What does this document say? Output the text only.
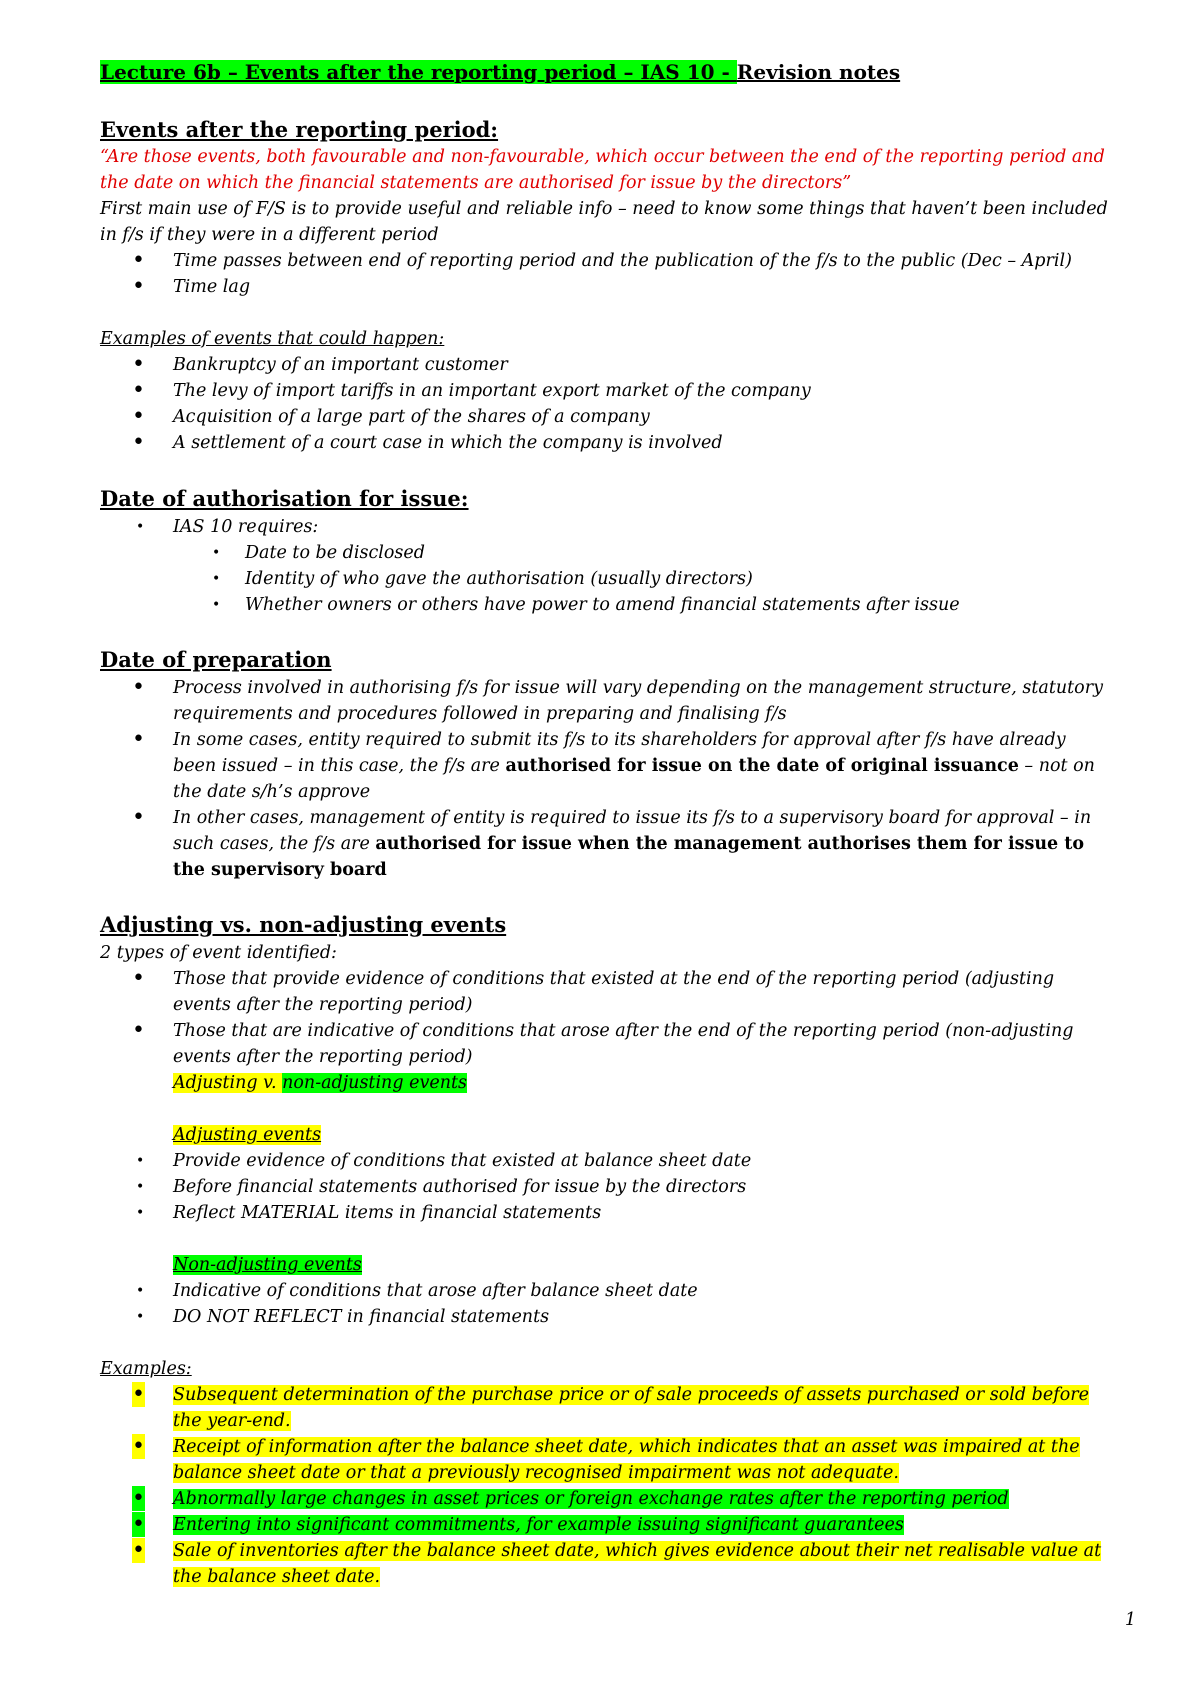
Lecture 6b – Events after the reporting period – IAS 10 - Revision notes
Events after the reporting period:
“Are those events, both favourable and non-favourable, which occur between the end of the reporting period and
the date on which the financial statements are authorised for issue by the directors”
First main use of F/S is to provide useful and reliable info – need to know some things that haven’t been included
in f/s if they were in a different period
• Time passes between end of reporting period and the publication of the f/s to the public (Dec – April)
• Time lag
Examples of events that could happen:
• Bankruptcy of an important customer
• The levy of import tariffs in an important export market of the company
• Acquisition of a large part of the shares of a company
• A settlement of a court case in which the company is involved
Date of authorisation for issue:
• IAS 10 requires:
• Date to be disclosed
• Identity of who gave the authorisation (usually directors)
• Whether owners or others have power to amend financial statements after issue
Date of preparation
• Process involved in authorising f/s for issue will vary depending on the management structure, statutory
requirements and procedures followed in preparing and finalising f/s
• In some cases, entity required to submit its f/s to its shareholders for approval after f/s have already
been issued – in this case, the f/s are authorised for issue on the date of original issuance – not on
the date s/h’s approve
• In other cases, management of entity is required to issue its f/s to a supervisory board for approval – in
such cases, the f/s are authorised for issue when the management authorises them for issue to
the supervisory board
Adjusting vs. non-adjusting events
2 types of event identified:
• Those that provide evidence of conditions that existed at the end of the reporting period (adjusting
events after the reporting period)
• Those that are indicative of conditions that arose after the end of the reporting period (non-adjusting
events after the reporting period)
Adjusting v. non-adjusting events
Adjusting events
• Provide evidence of conditions that existed at balance sheet date
• Before financial statements authorised for issue by the directors
• Reflect MATERIAL items in financial statements
Non-adjusting events
• Indicative of conditions that arose after balance sheet date
• DO NOT REFLECT in financial statements
Examples:
• Subsequent determination of the purchase price or of sale proceeds of assets purchased or sold before
the year-end.
• Receipt of information after the balance sheet date, which indicates that an asset was impaired at the
balance sheet date or that a previously recognised impairment was not adequate.
• Abnormally large changes in asset prices or foreign exchange rates after the reporting period
• Entering into significant commitments, for example issuing significant guarantees
• Sale of inventories after the balance sheet date, which gives evidence about their net realisable value at
the balance sheet date.
1
